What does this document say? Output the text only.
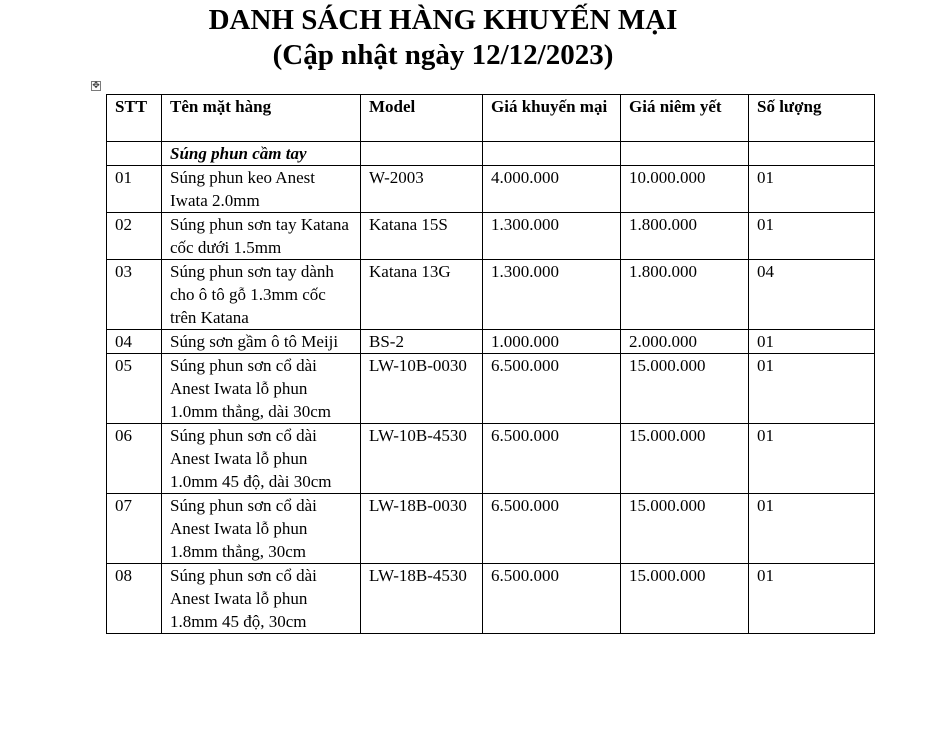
DANH SÁCH HÀNG KHUYẾN MẠI
(Cập nhật ngày 12/12/2023)
✥
STT	Tên mặt hàng	Model	Giá khuyến mại	Giá niêm yết	Số lượng
	Súng phun cầm tay				
01	Súng phun keo Anest Iwata 2.0mm	W-2003	4.000.000	10.000.000	01
02	Súng phun sơn tay Katana cốc dưới 1.5mm	Katana 15S	1.300.000	1.800.000	01
03	Súng phun sơn tay dành cho ô tô gỗ 1.3mm cốc trên Katana	Katana 13G	1.300.000	1.800.000	04
04	Súng sơn gầm ô tô Meiji	BS-2	1.000.000	2.000.000	01
05	Súng phun sơn cổ dài Anest Iwata lỗ phun 1.0mm thẳng, dài 30cm	LW-10B-0030	6.500.000	15.000.000	01
06	Súng phun sơn cổ dài Anest Iwata lỗ phun 1.0mm 45 độ, dài 30cm	LW-10B-4530	6.500.000	15.000.000	01
07	Súng phun sơn cổ dài Anest Iwata lỗ phun 1.8mm thẳng, 30cm	LW-18B-0030	6.500.000	15.000.000	01
08	Súng phun sơn cổ dài Anest Iwata lỗ phun 1.8mm 45 độ, 30cm	LW-18B-4530	6.500.000	15.000.000	01
